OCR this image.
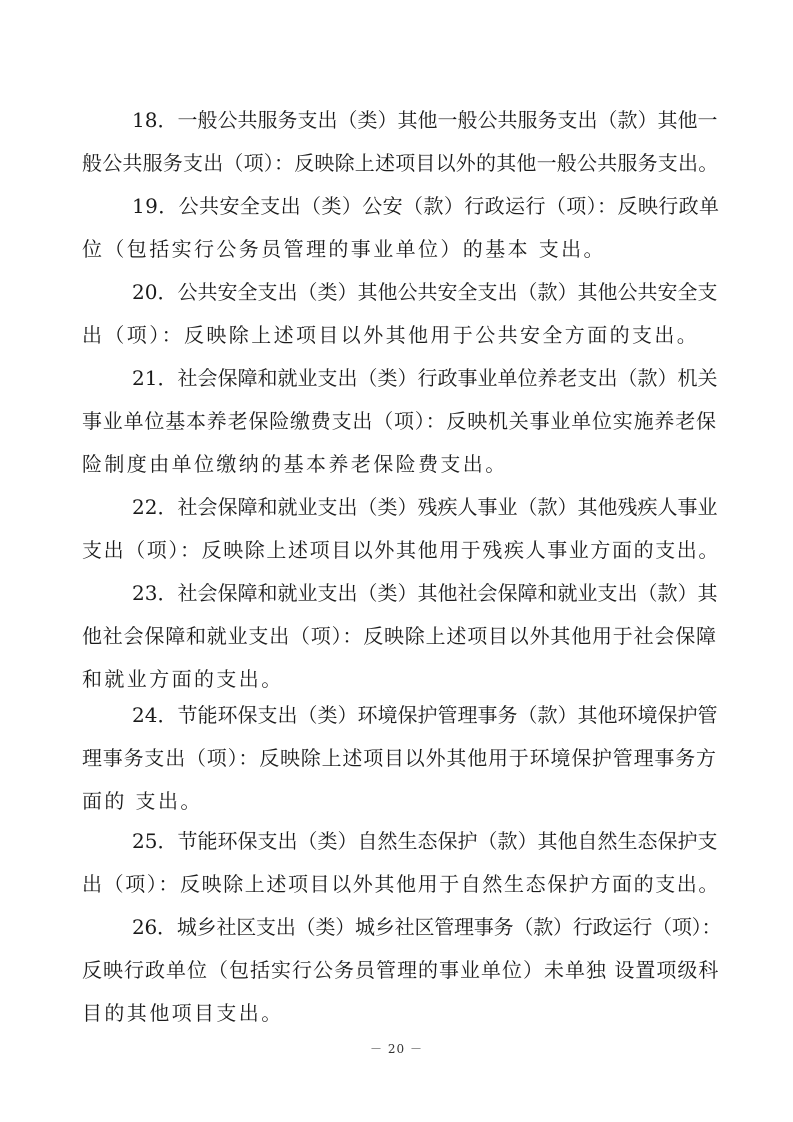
18．一般公共服务支出（类）其他一般公共服务支出（款）其他一
般公共服务支出（项）：反映除上述项目以外的其他一般公共服务支出。
19．公共安全支出（类）公安（款）行政运行（项）：反映行政单
位（包括实行公务员管理的事业单位）的基本 支出。
20．公共安全支出（类）其他公共安全支出（款）其他公共安全支
出（项）：反映除上述项目以外其他用于公共安全方面的支出。
21．社会保障和就业支出（类）行政事业单位养老支出（款）机关
事业单位基本养老保险缴费支出（项）：反映机关事业单位实施养老保
险制度由单位缴纳的基本养老保险费支出。
22．社会保障和就业支出（类）残疾人事业（款）其他残疾人事业
支出（项）：反映除上述项目以外其他用于残疾人事业方面的支出。
23．社会保障和就业支出（类）其他社会保障和就业支出（款）其
他社会保障和就业支出（项）：反映除上述项目以外其他用于社会保障
和就业方面的支出。
24．节能环保支出（类）环境保护管理事务（款）其他环境保护管
理事务支出（项）：反映除上述项目以外其他用于环境保护管理事务方
面的 支出。
25．节能环保支出（类）自然生态保护（款）其他自然生态保护支
出（项）：反映除上述项目以外其他用于自然生态保护方面的支出。
26．城乡社区支出（类）城乡社区管理事务（款）行政运行（项）：
反映行政单位（包括实行公务员管理的事业单位）未单独 设置项级科
目的其他项目支出。
－ 20 －
